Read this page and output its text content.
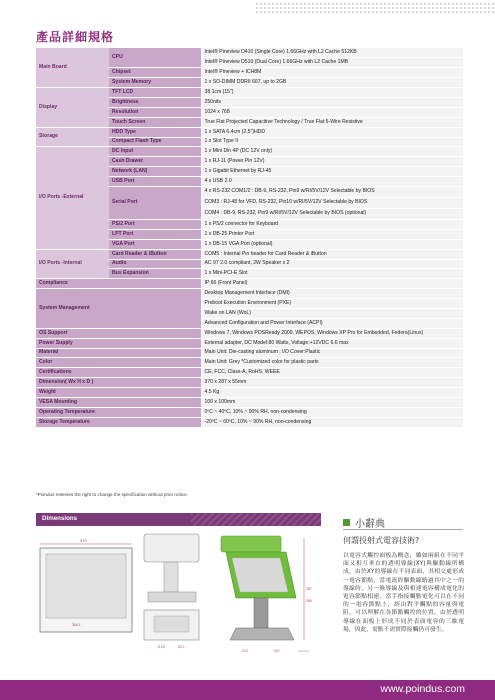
產品詳細規格
Main Board	CPU	Intel® Pineview D410 (Single Core) 1.66GHz with L2 Cache 512KB
		Intel® Pineview D510 (Dual Core) 1.66GHz with L2 Cache 1MB
	Chipset	Intel® Pineview + ICH8M
	System Memory	1 x SO-DIMM DDRII 667, up to 2GB
Display	TFT LCD	38.1cm (15")
	Brightness	250nits
	Resolution	1024 x 768
	Touch Screen	True Flat Projected Capacitive Technology / True Flat 5-Wire Resistive
Storage	HDD Type	1 x SATA 6.4cm (2.5")HDD
	Compact Flash Type	1 x Slot Type II
I/O Ports -External	DC Input	1 x Mini Din 4P (DC 12V only)
	Cash Drawer	1 x RJ-11 (Power Pin 12V)
	Network (LAN)	1 x Gigabit Ethernet by RJ-45
	USB Port	4 x USB 2.0
	Serial Port	4 x RS-232 COM1/2 : DB-9, RS-232, Pin9 w/RI/5V/12V Selectable by BIOS
		COM3 : RJ-48 for VFD, RS-232, Pin10 w/RI/5V/12V Selectable by BIOS
		COM4 : DB-9, RS-232, Pin9 w/RI/5V/12V Selectable by BIOS (optional)
	PS/2 Port	1 x PS/2 connector for Keyboard
	LPT Port	1 x DB-25 Printer Port
	VGA Port	1 x DB-15 VGA Port (optional)
I/O Ports -Internal	Card Reader & iButton	COM5 : Internal Pin header for Card Reader & iButton
	Audio	AC 97 2.0 compliant, 2W Speaker x 2
	Bus Expansion	1 x Mini-PCI-E Slot
Compliance		IP 66 (Front Panel)
System Management		Desktop Management Interface (DMI)
		Preboot Execution Environment (PXE)
		Wake on LAN (WoL)
		Advanced Configuration and Power Interface (ACPI)
OS Support		Windows 7, Windows POSReady 2009, WEPOS, Windows XP Pro for Embedded, Fedora(Linux)
Power Supply		External adapter, DC Model:80 Watts, Voltage:+12VDC 6.6 max
Material		Main Unit: Die-casting aluminum ; I/O Cover:Plastic
Color		Main Unit: Grey *Customized color for plastic parts
Certifications		CE, FCC, Class-A, RoHS, WEEE
Dimension( Wx H x D )		370 x 287 x 55mm
Weight		4.5 Kg
VESA Mounting		100 x 100mm
Operating Temperature		0ºC ~ 40ºC, 10% ~ 90% RH, non-condensing
Storage Temperature		-20ºC ~ 60ºC, 10% ~ 90% RH, non-condensing
*Poindus reserves the right to change the specification without prior notice.
Dimensions
370
304.1
5.20	20.1
287
260
212	207	unit:mm
小辭典
何謂投射式電容技術?
以電容式觸控面板為概念，雖如兩組在不同平面又相互垂直的透明導線(XY)與驅動線所構成，由於XY的導線在不同表面，其相交處形成一電容節點，當電流經驅動線路過其中之一的導線時，另一條導線及與相連電容構成電化的電容節點相連，當手指接觸點電化可以在不同的一電容節點上，經由對平觸點的容量與電阻，可以理解在各節點觸控的位置，由於透明導線在面板上形成不同於表面電容的三維電場，因此，需點不需實際接觸仍可發生。
www.poindus.com
